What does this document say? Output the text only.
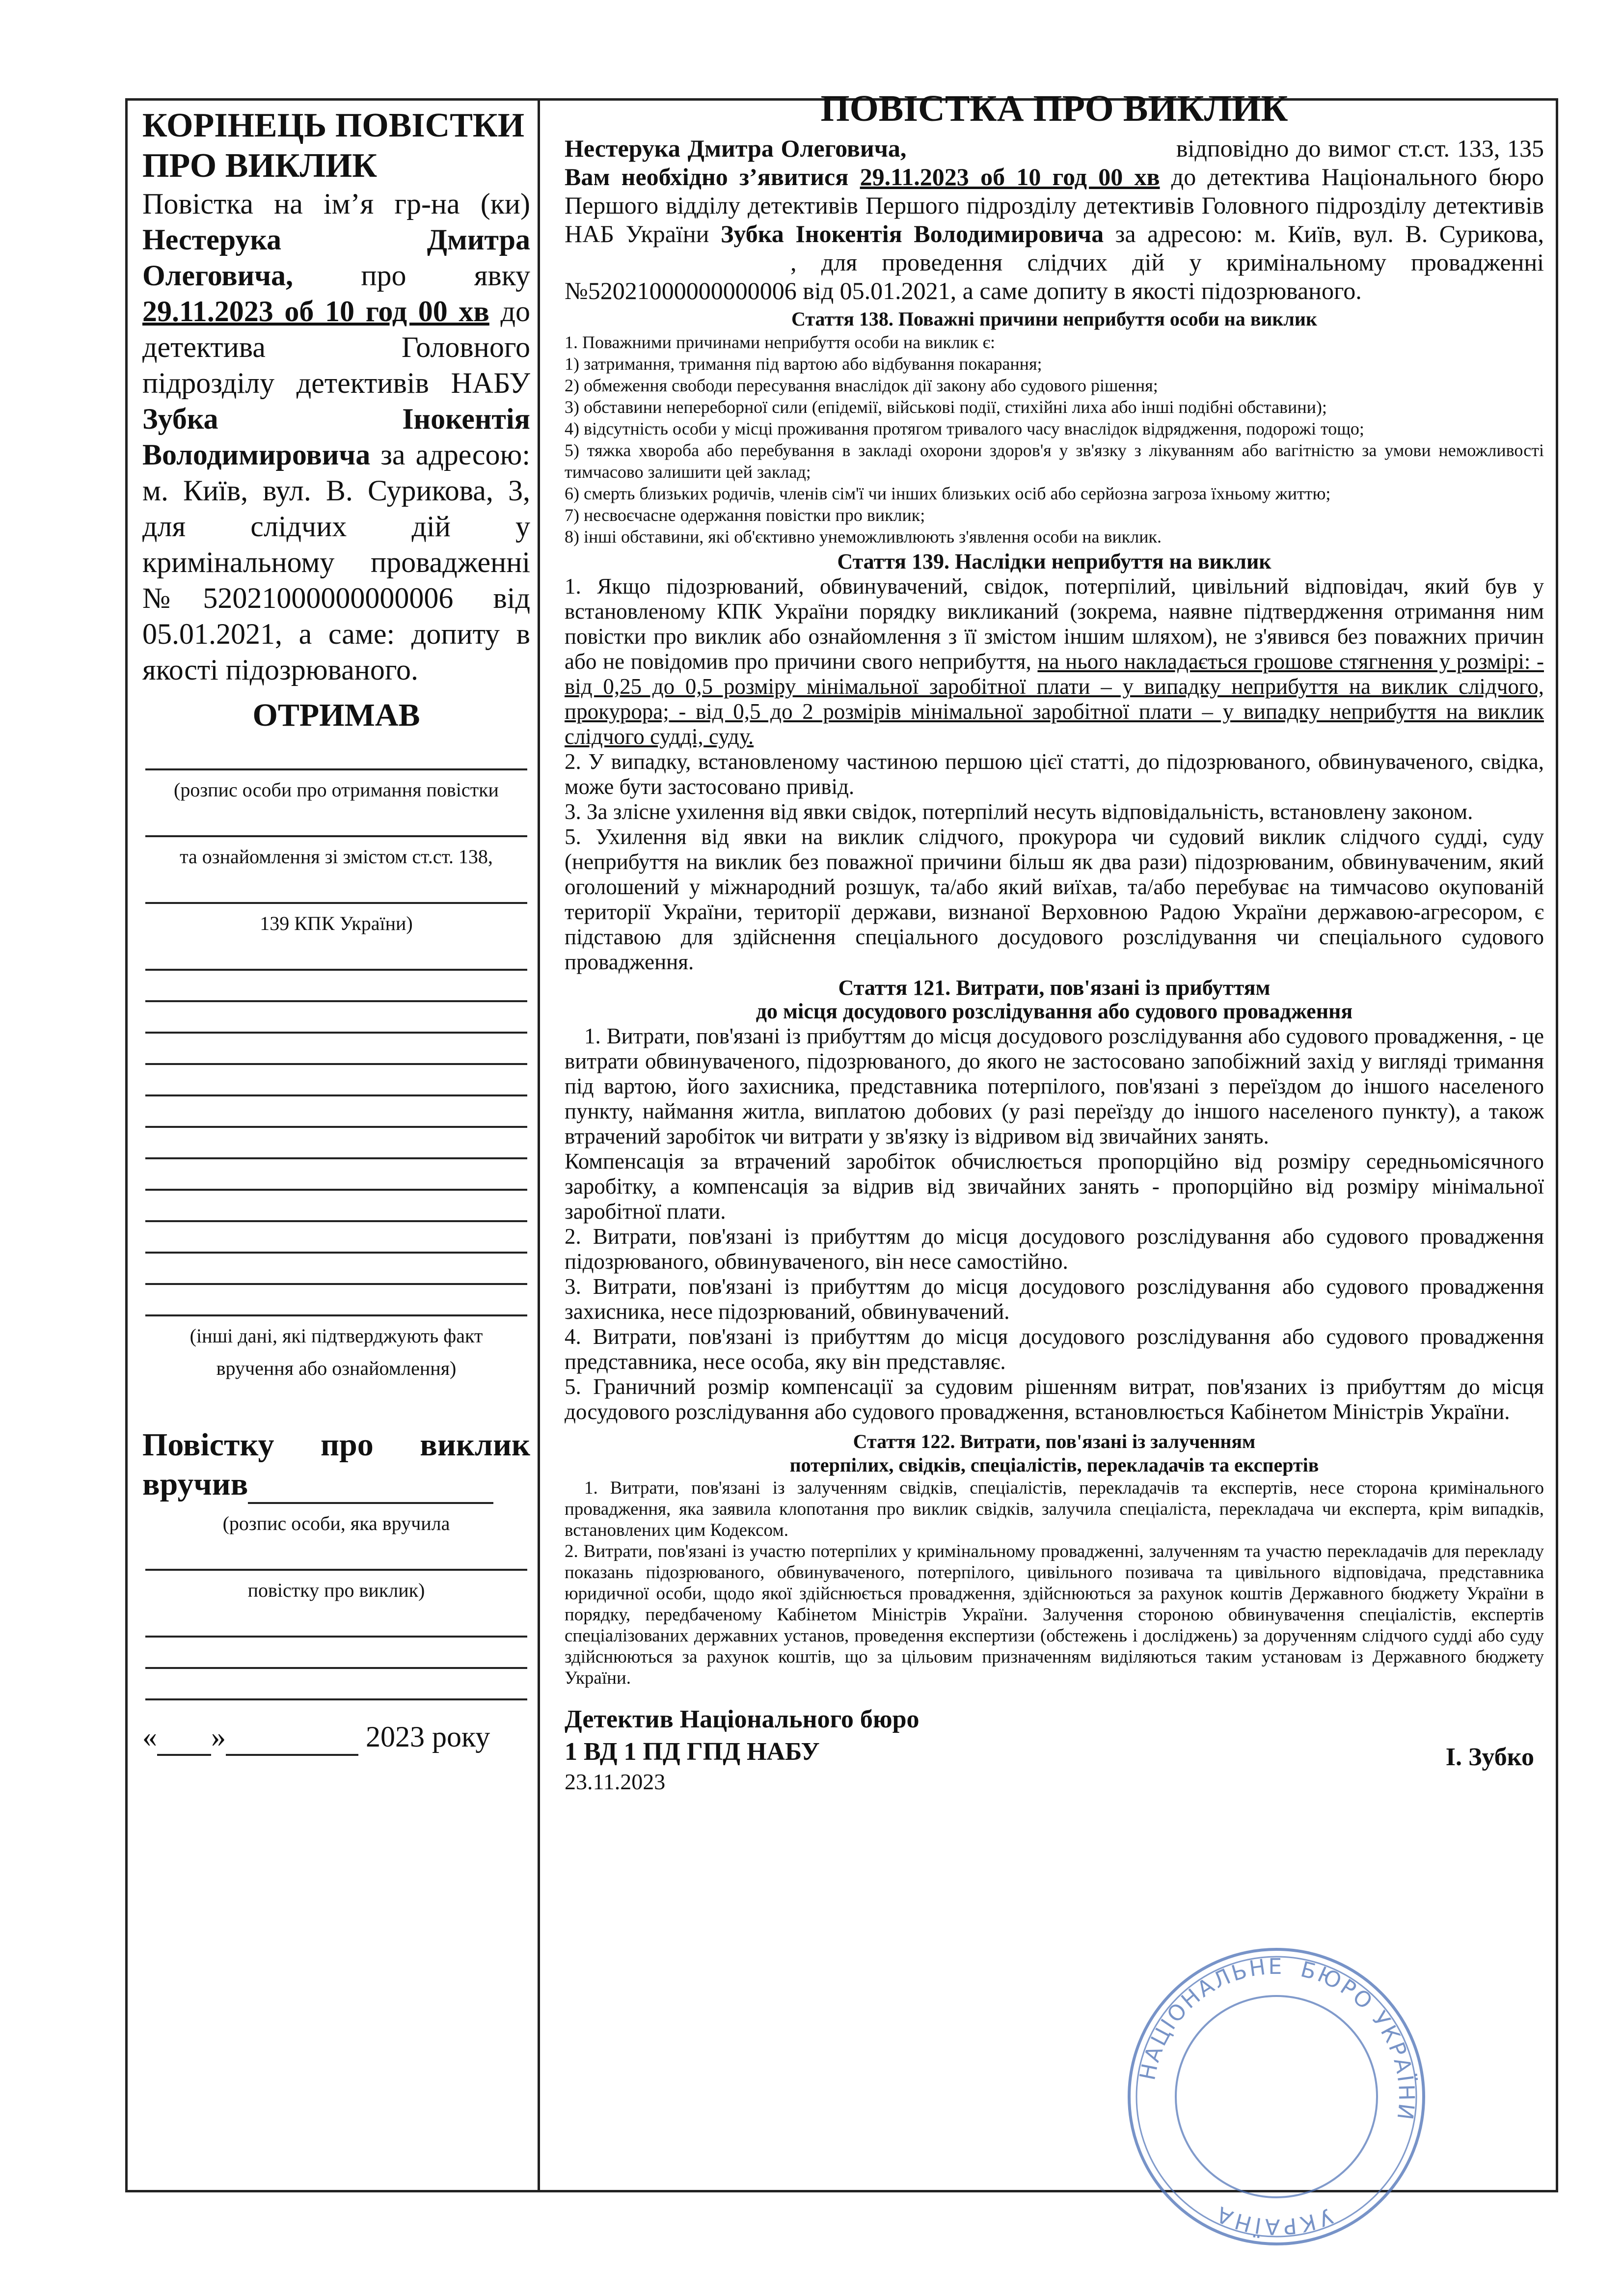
КОРІНЕЦЬ ПОВІСТКИ ПРО ВИКЛИК

Повістка на ім’я гр-на (ки) Нестерука Дмитра Олеговича, про явку 29.11.2023 об 10 год 00 хв до детектива Головного підрозділу детективів НАБУ Зубка Інокентія Володимировича за адресою: м. Київ, вул. В. Сурикова, 3, для слідчих дій у кримінальному провадженні №52021000000000006 від 05.01.2021, а саме: допиту в якості підозрюваного.

ОТРИМАВ

(розпис особи про отримання повістки

та ознайомлення зі змістом ст.ст. 138,

139 КПК України)

(інші дані, які підтверджують факт

вручення або ознайомлення)

Повістку про виклик вручив

(розпис особи, яка вручила

повістку про виклик)

« »	2023 року

ПОВІСТКА ПРО ВИКЛИК

Нестерука Дмитра Олеговича,	відповідно до вимог ст.ст. 133, 135 Вам необхідно з’явитися 29.11.2023 об 10 год 00 хв до детектива Національного бюро Першого відділу детективів Першого підрозділу детективів Головного підрозділу детективів НАБ України Зубка Інокентія Володимировича за адресою: м. Київ, вул. В. Сурикова,, для проведення слідчих дій у кримінальному провадженні №52021000000000006 від 05.01.2021, а саме допиту в якості підозрюваного.

Стаття 138. Поважні причини неприбуття особи на виклик

1. Поважними причинами неприбуття особи на виклик є:

1) затримання, тримання під вартою або відбування покарання;

2) обмеження свободи пересування внаслідок дії закону або судового рішення;

3) обставини непереборної сили (епідемії, військові події, стихійні лиха або інші подібні обставини);

4) відсутність особи у місці проживання протягом тривалого часу внаслідок відрядження, подорожі тощо;

5) тяжка хвороба або перебування в закладі охорони здоров'я у зв'язку з лікуванням або вагітністю за умови неможливості тимчасово залишити цей заклад;

6) смерть близьких родичів, членів сім'ї чи інших близьких осіб або серйозна загроза їхньому життю;

7) несвоєчасне одержання повістки про виклик;

8) інші обставини, які об'єктивно унеможливлюють з'явлення особи на виклик.

Стаття 139. Наслідки неприбуття на виклик

1. Якщо підозрюваний, обвинувачений, свідок, потерпілий, цивільний відповідач, який був у встановленому КПК України порядку викликаний (зокрема, наявне підтвердження отримання ним повістки про виклик або ознайомлення з її змістом іншим шляхом), не з'явився без поважних причин або не повідомив про причини свого неприбуття, на нього накладається грошове стягнення у розмірі: - від 0,25 до 0,5 розміру мінімальної заробітної плати – у випадку неприбуття на виклик слідчого, прокурора; - від 0,5 до 2 розмірів мінімальної заробітної плати – у випадку неприбуття на виклик слідчого судді, суду.

2. У випадку, встановленому частиною першою цієї статті, до підозрюваного, обвинуваченого, свідка, може бути застосовано привід.

3. За злісне ухилення від явки свідок, потерпілий несуть відповідальність, встановлену законом.

5. Ухилення від явки на виклик слідчого, прокурора чи судовий виклик слідчого судді, суду (неприбуття на виклик без поважної причини більш як два рази) підозрюваним, обвинуваченим, який оголошений у міжнародний розшук, та/або який виїхав, та/або перебуває на тимчасово окупованій території України, території держави, визнаної Верховною Радою України державою-агресором, є підставою для здійснення спеціального досудового розслідування чи спеціального судового провадження.

Стаття 121. Витрати, пов'язані із прибуттям

до місця досудового розслідування або судового провадження

1. Витрати, пов'язані із прибуттям до місця досудового розслідування або судового провадження, - це витрати обвинуваченого, підозрюваного, до якого не застосовано запобіжний захід у вигляді тримання під вартою, його захисника, представника потерпілого, пов'язані з переїздом до іншого населеного пункту, наймання житла, виплатою добових (у разі переїзду до іншого населеного пункту), а також втрачений заробіток чи витрати у зв'язку із відривом від звичайних занять.

Компенсація за втрачений заробіток обчислюється пропорційно від розміру середньомісячного заробітку, а компенсація за відрив від звичайних занять - пропорційно від розміру мінімальної заробітної плати.

2. Витрати, пов'язані із прибуттям до місця досудового розслідування або судового провадження підозрюваного, обвинуваченого, він несе самостійно.

3. Витрати, пов'язані із прибуттям до місця досудового розслідування або судового провадження захисника, несе підозрюваний, обвинувачений.

4. Витрати, пов'язані із прибуттям до місця досудового розслідування або судового провадження представника, несе особа, яку він представляє.

5. Граничний розмір компенсації за судовим рішенням витрат, пов'язаних із прибуттям до місця досудового розслідування або судового провадження, встановлюється Кабінетом Міністрів України.

Стаття 122. Витрати, пов'язані із залученням

потерпілих, свідків, спеціалістів, перекладачів та експертів

1. Витрати, пов'язані із залученням свідків, спеціалістів, перекладачів та експертів, несе сторона кримінального провадження, яка заявила клопотання про виклик свідків, залучила спеціаліста, перекладача чи експерта, крім випадків, встановлених цим Кодексом.

2. Витрати, пов'язані із участю потерпілих у кримінальному провадженні, залученням та участю перекладачів для перекладу показань підозрюваного, обвинуваченого, потерпілого, цивільного позивача та цивільного відповідача, представника юридичної особи, щодо якої здійснюється провадження, здійснюються за рахунок коштів Державного бюджету України в порядку, передбаченому Кабінетом Міністрів України. Залучення стороною обвинувачення спеціалістів, експертів спеціалізованих державних установ, проведення експертизи (обстежень і досліджень) за дорученням слідчого судді або суду здійснюються за рахунок коштів, що за цільовим призначенням виділяються таким установам із Державного бюджету України.

Детектив Національного бюро
1 ВД 1 ПД ГПД НАБУ
23.11.2023
І. Зубко
НАЦІОНАЛЬНЕ БЮРО УКРАЇНИ
УКРАЇНА
